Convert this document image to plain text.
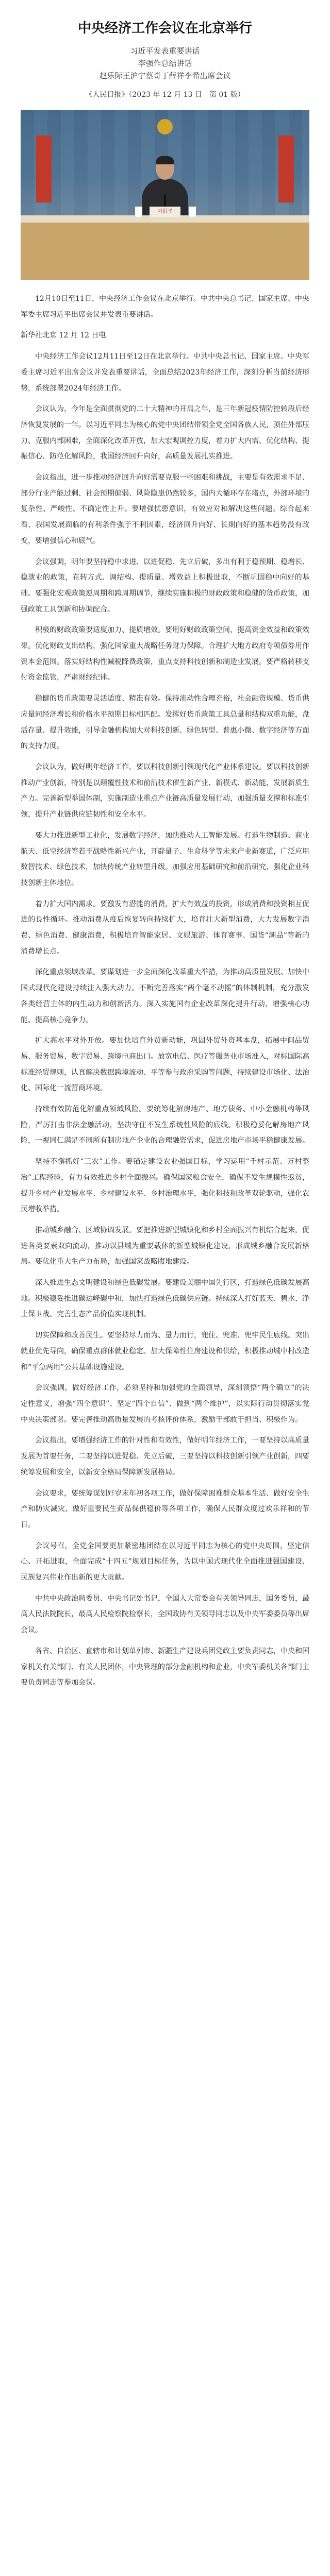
中央经济工作会议在北京举行
习近平发表重要讲话
李强作总结讲话
赵乐际王沪宁蔡奇丁薛祥李希出席会议
《人民日报》（2023 年 12 月 13 日　第 01 版）
习近平

12月10日至11日，中央经济工作会议在北京举行。中共中央总书记、国家主席、中央军委主席习近平出席会议并发表重要讲话。

新华社北京 12 月 12 日电

中央经济工作会议12月11日至12日在北京举行。中共中央总书记、国家主席、中央军委主席习近平出席会议并发表重要讲话，全面总结2023年经济工作，深刻分析当前经济形势，系统部署2024年经济工作。

会议认为，今年是全面贯彻党的二十大精神的开局之年，是三年新冠疫情防控转段后经济恢复发展的一年。以习近平同志为核心的党中央团结带领全党全国各族人民，顶住外部压力、克服内部困难，全面深化改革开放，加大宏观调控力度，着力扩大内需、优化结构、提振信心、防范化解风险，我国经济回升向好，高质量发展扎实推进。

会议指出，进一步推动经济回升向好需要克服一些困难和挑战，主要是有效需求不足、部分行业产能过剩、社会预期偏弱、风险隐患仍然较多，国内大循环存在堵点，外部环境的复杂性、严峻性、不确定性上升。要增强忧患意识，有效应对和解决这些问题。综合起来看，我国发展面临的有利条件强于不利因素，经济回升向好、长期向好的基本趋势没有改变，要增强信心和底气。

会议强调，明年要坚持稳中求进、以进促稳、先立后破，多出有利于稳预期、稳增长、稳就业的政策，在转方式、调结构、提质量、增效益上积极进取，不断巩固稳中向好的基础。要强化宏观政策逆周期和跨周期调节，继续实施积极的财政政策和稳健的货币政策，加强政策工具创新和协调配合。

积极的财政政策要适度加力、提质增效。要用好财政政策空间，提高资金效益和政策效果。优化财政支出结构，强化国家重大战略任务财力保障。合理扩大地方政府专项债券用作资本金范围。落实好结构性减税降费政策，重点支持科技创新和制造业发展。要严格转移支付资金监管，严肃财经纪律。

稳健的货币政策要灵活适度、精准有效。保持流动性合理充裕，社会融资规模、货币供应量同经济增长和价格水平预期目标相匹配。发挥好货币政策工具总量和结构双重功能，盘活存量、提升效能，引导金融机构加大对科技创新、绿色转型、普惠小微、数字经济等方面的支持力度。

会议认为，做好明年经济工作，要以科技创新引领现代化产业体系建设。要以科技创新推动产业创新，特别是以颠覆性技术和前沿技术催生新产业、新模式、新动能，发展新质生产力。完善新型举国体制，实施制造业重点产业链高质量发展行动，加强质量支撑和标准引领，提升产业链供应链韧性和安全水平。

要大力推进新型工业化，发展数字经济，加快推动人工智能发展。打造生物制造、商业航天、低空经济等若干战略性新兴产业，开辟量子、生命科学等未来产业新赛道，广泛应用数智技术、绿色技术，加快传统产业转型升级。加强应用基础研究和前沿研究，强化企业科技创新主体地位。

着力扩大国内需求。要激发有潜能的消费，扩大有效益的投资，形成消费和投资相互促进的良性循环。推动消费从疫后恢复转向持续扩大，培育壮大新型消费，大力发展数字消费、绿色消费、健康消费，积极培育智能家居、文娱旅游、体育赛事、国货“潮品”等新的消费增长点。

深化重点领域改革。要谋划进一步全面深化改革重大举措，为推动高质量发展、加快中国式现代化建设持续注入强大动力。不断完善落实“两个毫不动摇”的体制机制，充分激发各类经营主体的内生动力和创新活力。深入实施国有企业改革深化提升行动，增强核心功能、提高核心竞争力。

扩大高水平对外开放。要加快培育外贸新动能，巩固外贸外资基本盘，拓展中间品贸易、服务贸易、数字贸易、跨境电商出口。放宽电信、医疗等服务业市场准入，对标国际高标准经贸规则，认真解决数据跨境流动、平等参与政府采购等问题，持续建设市场化、法治化、国际化一流营商环境。

持续有效防范化解重点领域风险。要统筹化解房地产、地方债务、中小金融机构等风险，严厉打击非法金融活动，坚决守住不发生系统性风险的底线。积极稳妥化解房地产风险，一视同仁满足不同所有制房地产企业的合理融资需求，促进房地产市场平稳健康发展。

坚持不懈抓好“三农”工作。要锚定建设农业强国目标，学习运用“千村示范、万村整治”工程经验，有力有效推进乡村全面振兴。确保国家粮食安全，确保不发生规模性返贫，提升乡村产业发展水平、乡村建设水平、乡村治理水平，强化科技和改革双轮驱动，强化农民增收举措。

推动城乡融合、区域协调发展。要把推进新型城镇化和乡村全面振兴有机结合起来，促进各类要素双向流动，推动以县城为重要载体的新型城镇化建设，形成城乡融合发展新格局。要优化重大生产力布局，加强国家战略腹地建设。

深入推进生态文明建设和绿色低碳发展。要建设美丽中国先行区，打造绿色低碳发展高地。积极稳妥推进碳达峰碳中和，加快打造绿色低碳供应链。持续深入打好蓝天、碧水、净土保卫战。完善生态产品价值实现机制。

切实保障和改善民生。要坚持尽力而为、量力而行，兜住、兜准、兜牢民生底线。突出就业优先导向，确保重点群体就业稳定。加大保障性住房建设和供给，积极推动城中村改造和“平急两用”公共基础设施建设。

会议强调，做好经济工作，必须坚持和加强党的全面领导，深刻领悟“两个确立”的决定性意义，增强“四个意识”、坚定“四个自信”、做到“两个维护”，以实际行动贯彻落实党中央决策部署。要完善推动高质量发展的考核评价体系，激励干部敢于担当、积极作为。

会议指出，要增强经济工作的针对性和有效性，做好明年经济工作，一要坚持以高质量发展为首要任务，二要坚持以进促稳、先立后破，三要坚持以科技创新引领产业创新，四要统筹发展和安全，以新安全格局保障新发展格局。

会议要求，要统筹谋划好岁末年初各项工作，做好保障困难群众基本生活、做好安全生产和防灾减灾、做好重要民生商品保供稳价等各项工作，确保人民群众度过欢乐祥和的节日。

会议号召，全党全国要更加紧密地团结在以习近平同志为核心的党中央周围，坚定信心、开拓进取，全面完成“十四五”规划目标任务，为以中国式现代化全面推进强国建设、民族复兴伟业作出新的更大贡献。

中共中央政治局委员、中央书记处书记，全国人大常委会有关领导同志，国务委员，最高人民法院院长，最高人民检察院检察长，全国政协有关领导同志以及中央军委委员等出席会议。

各省、自治区、直辖市和计划单列市、新疆生产建设兵团党政主要负责同志，中央和国家机关有关部门、有关人民团体，中央管理的部分金融机构和企业，中央军委机关各部门主要负责同志等参加会议。
